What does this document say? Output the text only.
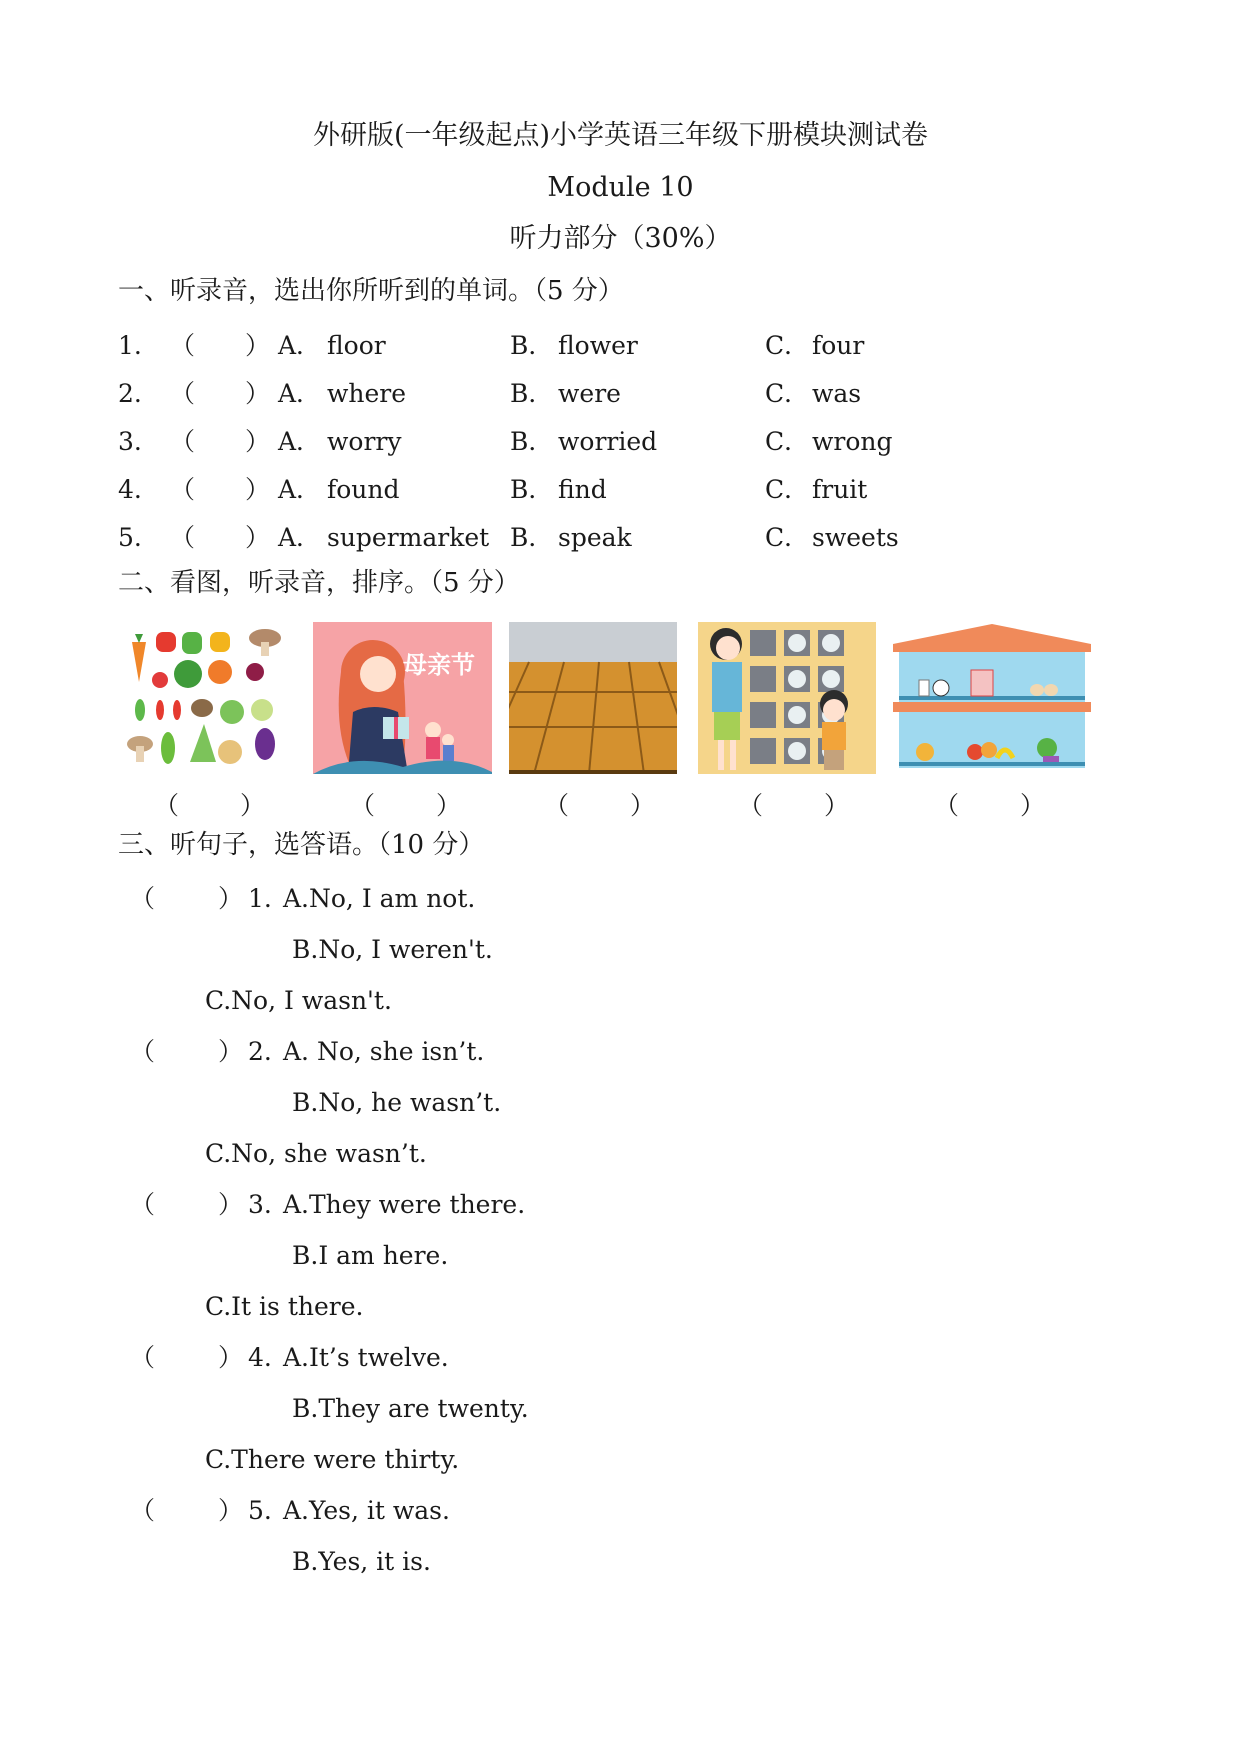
外研版(一年级起点)小学英语三年级下册模块测试卷
Module 10
听力部分（30%）
一、听录音，选出你所听到的单词。（5 分）
1. （ ） A． floor	B． flower	C． four
2. （ ） A． where	B． were	C． was
3. （ ） A． worry	B． worried	C． wrong
4. （ ） A． found	B． find	C． fruit
5. （ ） A． supermarket B． speak	C． sweets
二、看图，听录音，排序。（5 分）
母亲节
（ ）	（ ）	（ ）	（ ）	（ ）
三、听句子，选答语。（10 分）
（	） 1. A.No, I am not.
B.No, I weren't.
C.No, I wasn't.
（	） 2. A. No, she isn’t.
B.No, he wasn’t.
C.No, she wasn’t.
（	） 3. A.They were there.
B.I am here.
C.It is there.
（	） 4. A.It’s twelve.
B.They are twenty.
C.There were thirty.
（	） 5. A.Yes, it was.
B.Yes, it is.
